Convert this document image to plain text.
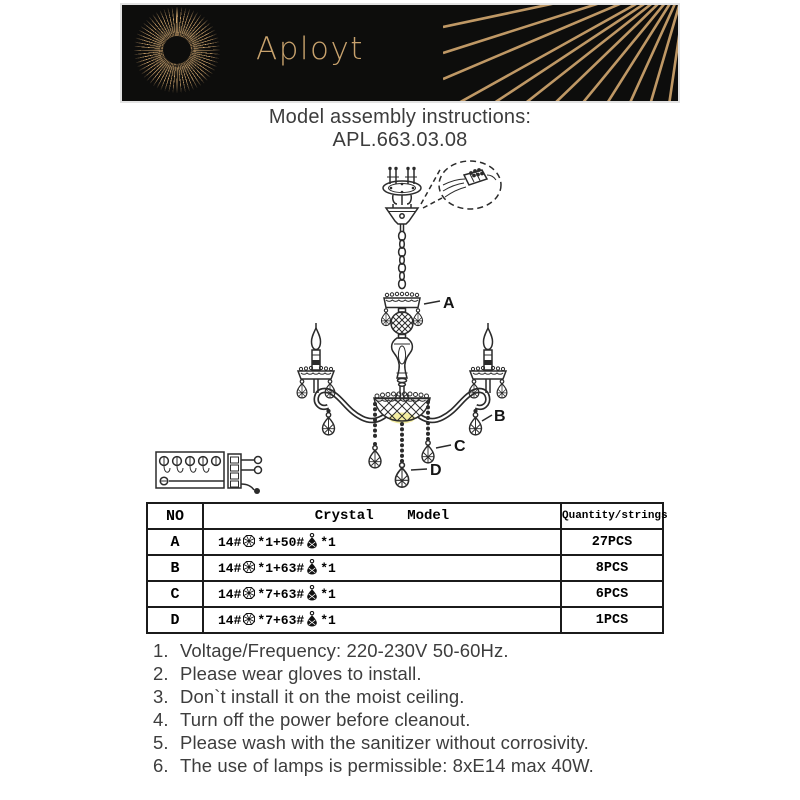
Aployt
Model assembly instructions:
APL.663.03.08
A
B
C
D
NO	Crystal    Model	Quantity/strings
A	14# *1+50# *1	27PCS
B	14# *1+63# *1	8PCS
C	14# *7+63# *1	6PCS
D	14# *7+63# *1	1PCS
1. Voltage/Frequency: 220-230V 50-60Hz.
2. Please wear gloves to install.
3. Don`t install it on the moist ceiling.
4. Turn off the power before cleanout.
5. Please wash with the sanitizer without corrosivity.
6. The use of lamps is permissible: 8xE14 max 40W.
